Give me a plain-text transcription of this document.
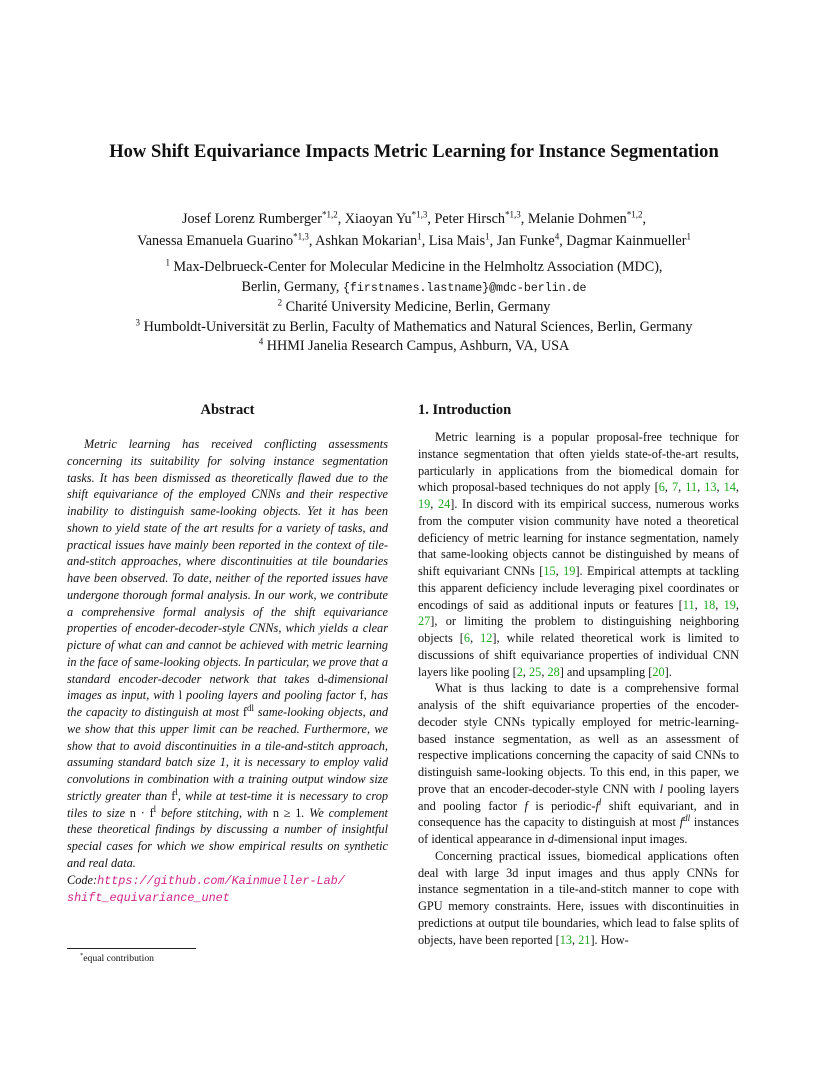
How Shift Equivariance Impacts Metric Learning for Instance Segmentation
Josef Lorenz Rumberger$^{*1,2}$, Xiaoyan Yu$^{*1,3}$, Peter Hirsch$^{*1,3}$, Melanie Dohmen$^{*1,2}$,
Vanessa Emanuela Guarino$^{*1,3}$, Ashkan Mokarian$^1$, Lisa Mais$^1$, Jan Funke$^4$, Dagmar Kainmueller$^1$
$^1$ Max-Delbrueck-Center for Molecular Medicine in the Helmholtz Association (MDC),
Berlin, Germany, {firstnames.lastname}@mdc-berlin.de
$^2$ Charité University Medicine, Berlin, Germany
$^3$ Humboldt-Universität zu Berlin, Faculty of Mathematics and Natural Sciences, Berlin, Germany
$^4$ HHMI Janelia Research Campus, Ashburn, VA, USA
Abstract

Metric learning has received conflicting assessments concerning its suitability for solving instance segmentation tasks. It has been dismissed as theoretically flawed due to the shift equivariance of the employed CNNs and their respective inability to distinguish same-looking objects. Yet it has been shown to yield state of the art results for a variety of tasks, and practical issues have mainly been reported in the context of tile-and-stitch approaches, where discontinuities at tile boundaries have been observed. To date, neither of the reported issues have undergone thorough formal analysis. In our work, we contribute a comprehensive formal analysis of the shift equivariance properties of encoder-decoder-style CNNs, which yields a clear picture of what can and cannot be achieved with metric learning in the face of same-looking objects. In particular, we prove that a standard encoder-decoder network that takes d-dimensional images as input, with l pooling layers and pooling factor f, has the capacity to distinguish at most $f^{dl}$ same-looking objects, and we show that this upper limit can be reached. Furthermore, we show that to avoid discontinuities in a tile-and-stitch approach, assuming standard batch size 1, it is necessary to employ valid convolutions in combination with a training output window size strictly greater than $f^l$, while at test-time it is necessary to crop tiles to size $n \cdot f^l$ before stitching, with n ≥ 1. We complement these theoretical findings by discussing a number of insightful special cases for which we show empirical results on synthetic and real data.

Code:https://github.com/Kainmueller-Lab/ shift_equivariance_unet

1. Introduction

Metric learning is a popular proposal-free technique for instance segmentation that often yields state-of-the-art results, particularly in applications from the biomedical domain for which proposal-based techniques do not apply [6, 7, 11, 13, 14, 19, 24]. In discord with its empirical success, numerous works from the computer vision community have noted a theoretical deficiency of metric learning for instance segmentation, namely that same-looking objects cannot be distinguished by means of shift equivariant CNNs [15, 19]. Empirical attempts at tackling this apparent deficiency include leveraging pixel coordinates or encodings of said as additional inputs or features [11, 18, 19, 27], or limiting the problem to distinguishing neighboring objects [6, 12], while related theoretical work is limited to discussions of shift equivariance properties of individual CNN layers like pooling [2, 25, 28] and upsampling [20].

What is thus lacking to date is a comprehensive formal analysis of the shift equivariance properties of the encoder-decoder style CNNs typically employed for metric-learning-based instance segmentation, as well as an assessment of respective implications concerning the capacity of said CNNs to distinguish same-looking objects. To this end, in this paper, we prove that an encoder-decoder-style CNN with l pooling layers and pooling factor f is periodic-$f^l$ shift equivariant, and in consequence has the capacity to distinguish at most $f^{dl}$ instances of identical appearance in d-dimensional input images.

Concerning practical issues, biomedical applications often deal with large 3d input images and thus apply CNNs for instance segmentation in a tile-and-stitch manner to cope with GPU memory constraints. Here, issues with discontinuities in predictions at output tile boundaries, which lead to false splits of objects, have been reported [13, 21]. How-

*equal contribution
